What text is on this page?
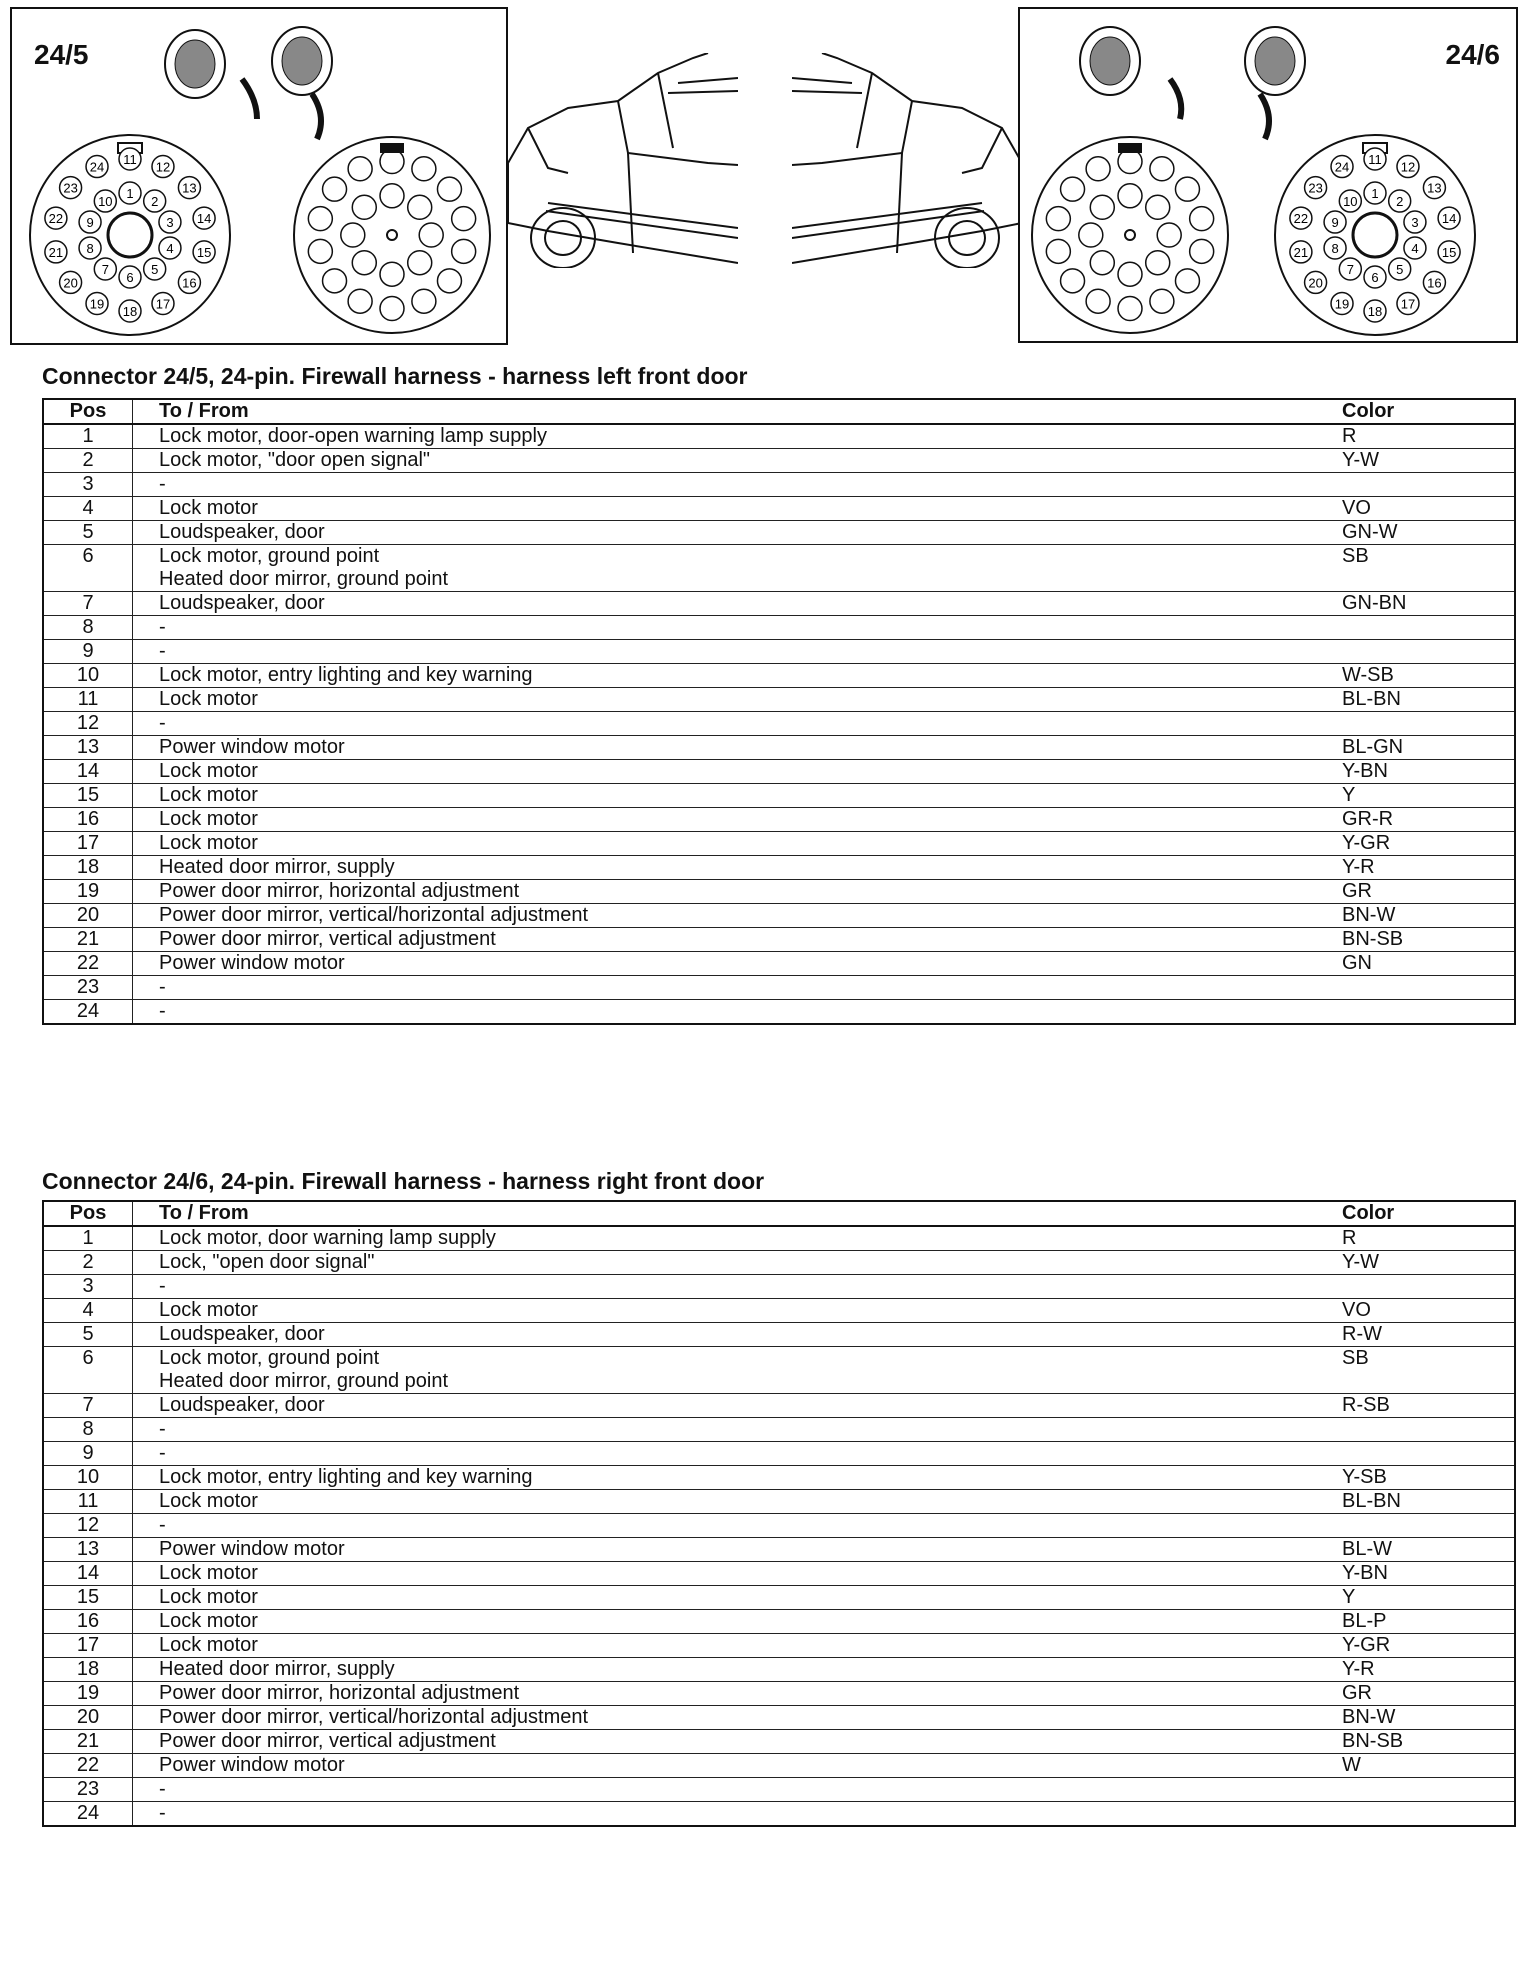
1
2
3
4
5
6
7
8
9
10
11
12
13
14
15
16
17
18
19
20
21
22
23
24
24/5
1
2
3
4
5
6
7
8
9
10
11
12
13
14
15
16
17
18
19
20
21
22
23
24
24/6
Connector 24/5, 24-pin. Firewall harness - harness left front door
Pos	To / From	Color
1	Lock motor, door-open warning lamp supply	R
2	Lock motor, "door open signal"	Y-W
3	-	

4	Lock motor	VO
5	Loudspeaker, door	GN-W
6	Lock motor, ground point
Heated door mirror, ground point	SB
7	Loudspeaker, door	GN-BN
8	-	

9	-	

10	Lock motor, entry lighting and key warning	W-SB
11	Lock motor	BL-BN
12	-	

13	Power window motor	BL-GN
14	Lock motor	Y-BN
15	Lock motor	Y
16	Lock motor	GR-R
17	Lock motor	Y-GR
18	Heated door mirror, supply	Y-R
19	Power door mirror, horizontal adjustment	GR
20	Power door mirror, vertical/horizontal adjustment	BN-W
21	Power door mirror, vertical adjustment	BN-SB
22	Power window motor	GN
23	-	

24	-	

Connector 24/6, 24-pin. Firewall harness - harness right front door
Pos	To / From	Color
1	Lock motor, door warning lamp supply	R
2	Lock, "open door signal"	Y-W
3	-	

4	Lock motor	VO
5	Loudspeaker, door	R-W
6	Lock motor, ground point
Heated door mirror, ground point	SB
7	Loudspeaker, door	R-SB
8	-	

9	-	

10	Lock motor, entry lighting and key warning	Y-SB
11	Lock motor	BL-BN
12	-	

13	Power window motor	BL-W
14	Lock motor	Y-BN
15	Lock motor	Y
16	Lock motor	BL-P
17	Lock motor	Y-GR
18	Heated door mirror, supply	Y-R
19	Power door mirror, horizontal adjustment	GR
20	Power door mirror, vertical/horizontal adjustment	BN-W
21	Power door mirror, vertical adjustment	BN-SB
22	Power window motor	W
23	-	

24	-	
